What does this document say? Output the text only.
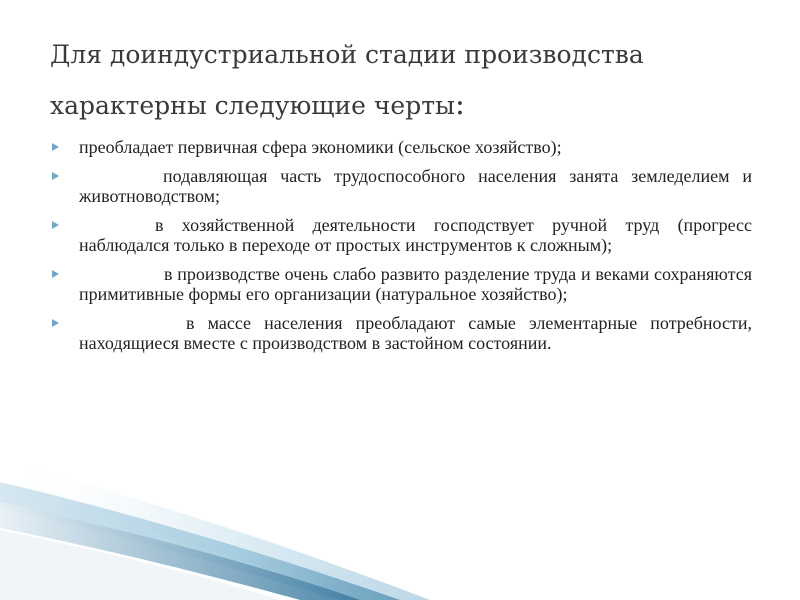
Для доиндустриальной стадии производства характерны следующие черты:
преобладает первичная сфера экономики (сельское хозяйство);
подавляющая часть трудоспособного населения занята земледелием и животноводством;
в хозяйственной деятельности господствует ручной труд (прогресс наблюдался только в переходе от простых инструментов к сложным);
в производстве очень слабо развито разделение труда и веками сохраняются примитивные формы его организации (натуральное хозяйство);
в массе населения преобладают самые элементарные потребности, находящиеся вместе с производством в застойном состоянии.
